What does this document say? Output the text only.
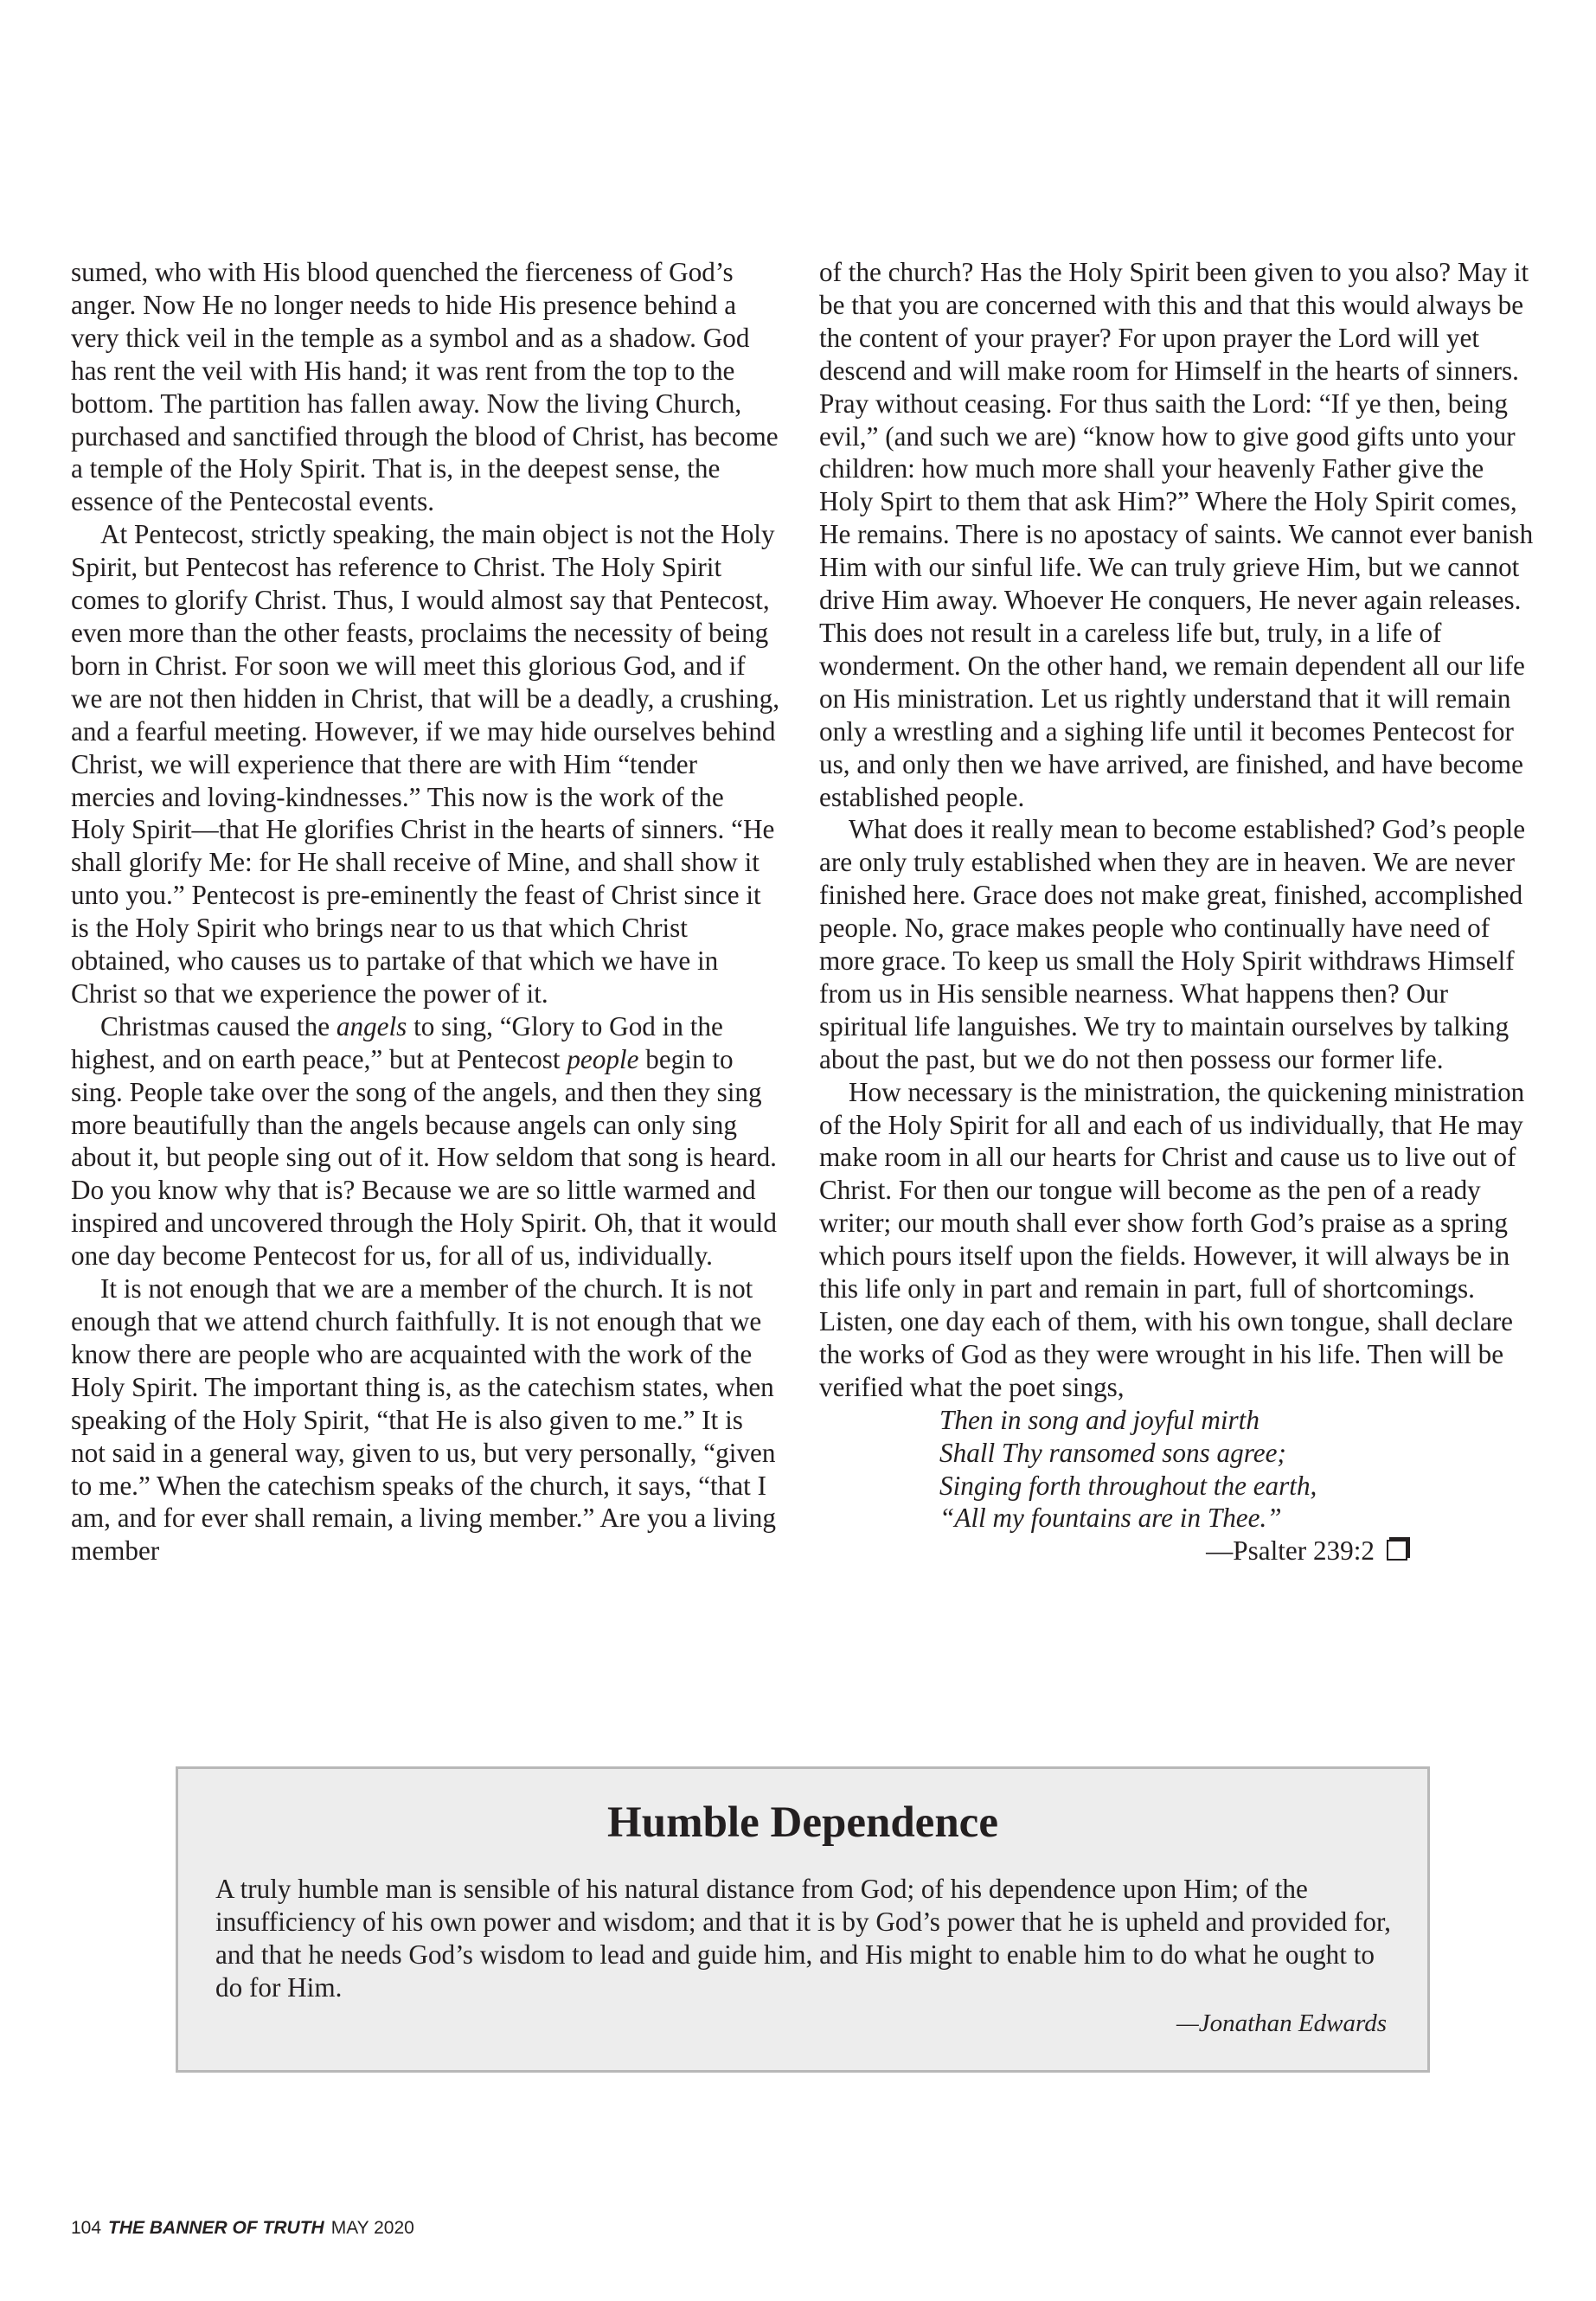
sumed, who with His blood quenched the fierceness of God’s anger. Now He no longer needs to hide His presence behind a very thick veil in the temple as a symbol and as a shadow. God has rent the veil with His hand; it was rent from the top to the bottom. The partition has fallen away. Now the living Church, purchased and sanctified through the blood of Christ, has become a temple of the Holy Spirit. That is, in the deepest sense, the essence of the Pentecostal events.

At Pentecost, strictly speaking, the main object is not the Holy Spirit, but Pentecost has reference to Christ. The Holy Spirit comes to glorify Christ. Thus, I would almost say that Pentecost, even more than the other feasts, proclaims the necessity of being born in Christ. For soon we will meet this glorious God, and if we are not then hidden in Christ, that will be a deadly, a crushing, and a fearful meeting. However, if we may hide ourselves behind Christ, we will experience that there are with Him “tender mercies and loving-kindnesses.” This now is the work of the Holy Spirit—that He glorifies Christ in the hearts of sinners. “He shall glorify Me: for He shall receive of Mine, and shall show it unto you.” Pentecost is pre-eminently the feast of Christ since it is the Holy Spirit who brings near to us that which Christ obtained, who causes us to partake of that which we have in Christ so that we experience the power of it.

Christmas caused the angels to sing, “Glory to God in the highest, and on earth peace,” but at Pentecost people begin to sing. People take over the song of the angels, and then they sing more beautifully than the angels because angels can only sing about it, but people sing out of it. How seldom that song is heard. Do you know why that is? Because we are so little warmed and inspired and uncovered through the Holy Spirit. Oh, that it would one day become Pentecost for us, for all of us, individually.

It is not enough that we are a member of the church. It is not enough that we attend church faithfully. It is not enough that we know there are people who are acquainted with the work of the Holy Spirit. The important thing is, as the catechism states, when speaking of the Holy Spirit, “that He is also given to me.” It is not said in a general way, given to us, but very personally, “given to me.” When the catechism speaks of the church, it says, “that I am, and for ever shall remain, a living member.” Are you a living member

of the church? Has the Holy Spirit been given to you also? May it be that you are concerned with this and that this would always be the content of your prayer? For upon prayer the Lord will yet descend and will make room for Himself in the hearts of sinners. Pray without ceasing. For thus saith the Lord: “If ye then, being evil,” (and such we are) “know how to give good gifts unto your children: how much more shall your heavenly Father give the Holy Spirt to them that ask Him?” Where the Holy Spirit comes, He remains. There is no apostacy of saints. We cannot ever banish Him with our sinful life. We can truly grieve Him, but we cannot drive Him away. Whoever He conquers, He never again releases. This does not result in a careless life but, truly, in a life of wonderment. On the other hand, we remain dependent all our life on His ministration. Let us rightly understand that it will remain only a wrestling and a sighing life until it becomes Pentecost for us, and only then we have arrived, are finished, and have become established people.

What does it really mean to become established? God’s people are only truly established when they are in heaven. We are never finished here. Grace does not make great, finished, accomplished people. No, grace makes people who continually have need of more grace. To keep us small the Holy Spirit withdraws Himself from us in His sensible nearness. What happens then? Our spiritual life languishes. We try to maintain ourselves by talking about the past, but we do not then possess our former life.

How necessary is the ministration, the quickening ministration of the Holy Spirit for all and each of us individually, that He may make room in all our hearts for Christ and cause us to live out of Christ. For then our tongue will become as the pen of a ready writer; our mouth shall ever show forth God’s praise as a spring which pours itself upon the fields. However, it will always be in this life only in part and remain in part, full of shortcomings. Listen, one day each of them, with his own tongue, shall declare the works of God as they were wrought in his life. Then will be verified what the poet sings,

Then in song and joyful mirth
Shall Thy ransomed sons agree;
Singing forth throughout the earth,
“All my fountains are in Thee.”
—Psalter 239:2
Humble Dependence

A truly humble man is sensible of his natural distance from God; of his dependence upon Him; of the insufficiency of his own power and wisdom; and that it is by God’s power that he is upheld and provided for, and that he needs God’s wisdom to lead and guide him, and His might to enable him to do what he ought to do for Him.

—Jonathan Edwards
104 THE BANNER OF TRUTH MAY 2020
